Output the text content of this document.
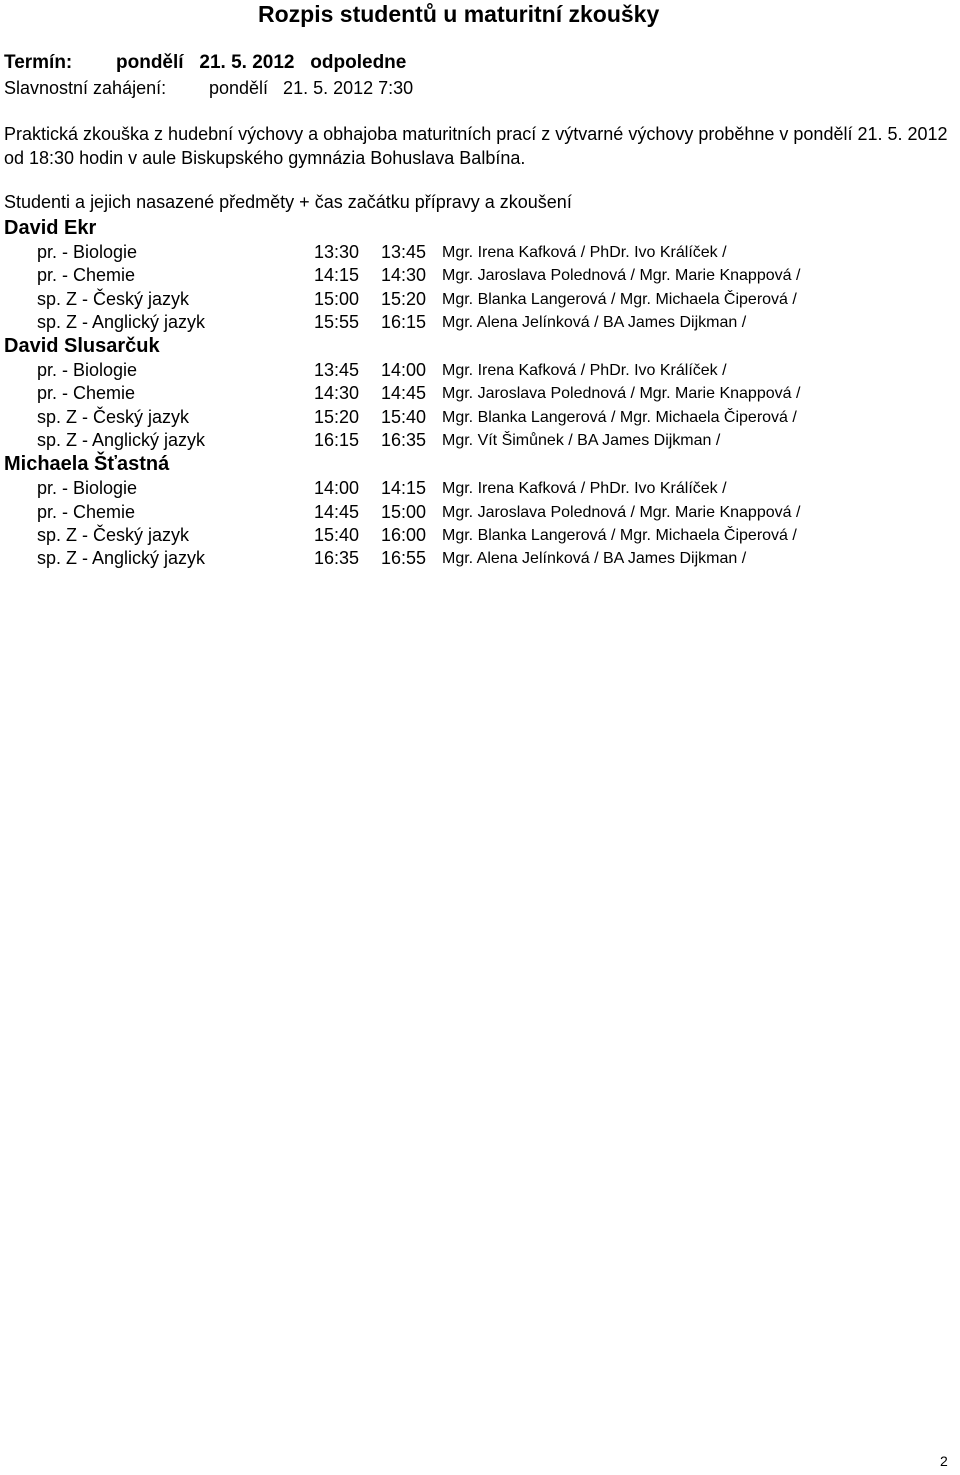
Rozpis studentů u maturitní zkoušky
Termín: pondělí   21. 5. 2012   odpoledne
Slavnostní zahájení: pondělí   21. 5. 2012 7:30
Praktická zkouška z hudební výchovy a obhajoba maturitních prací z výtvarné výchovy proběhne v pondělí 21. 5. 2012 od 18:30 hodin v aule Biskupského gymnázia Bohuslava Balbína.
Studenti a jejich nasazené předměty + čas začátku přípravy a zkoušení
David Ekr
pr. - Biologie	13:30 13:45 Mgr. Irena Kafková / PhDr. Ivo Králíček /
pr. - Chemie	14:15 14:30 Mgr. Jaroslava Polednová / Mgr. Marie Knappová /
sp. Z - Český jazyk	15:00 15:20 Mgr. Blanka Langerová / Mgr. Michaela Čiperová /
sp. Z - Anglický jazyk	15:55 16:15 Mgr. Alena Jelínková / BA James Dijkman /
David Slusarčuk
pr. - Biologie	13:45 14:00 Mgr. Irena Kafková / PhDr. Ivo Králíček /
pr. - Chemie	14:30 14:45 Mgr. Jaroslava Polednová / Mgr. Marie Knappová /
sp. Z - Český jazyk	15:20 15:40 Mgr. Blanka Langerová / Mgr. Michaela Čiperová /
sp. Z - Anglický jazyk	16:15 16:35 Mgr. Vít Šimůnek / BA James Dijkman /
Michaela Šťastná
pr. - Biologie	14:00 14:15 Mgr. Irena Kafková / PhDr. Ivo Králíček /
pr. - Chemie	14:45 15:00 Mgr. Jaroslava Polednová / Mgr. Marie Knappová /
sp. Z - Český jazyk	15:40 16:00 Mgr. Blanka Langerová / Mgr. Michaela Čiperová /
sp. Z - Anglický jazyk	16:35 16:55 Mgr. Alena Jelínková / BA James Dijkman /
2
